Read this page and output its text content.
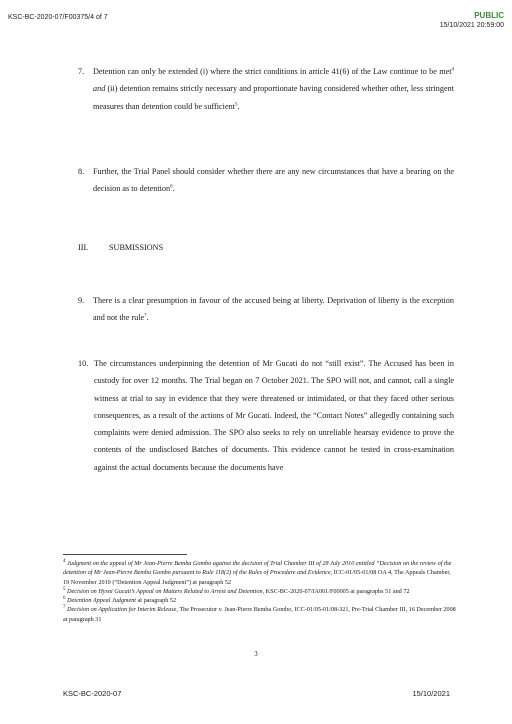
KSC-BC-2020-07/F00375/4 of 7	PUBLIC
15/10/2021 20:59:00
7. Detention can only be extended (i) where the strict conditions in article 41(6) of the Law continue to be met$^4$ and (ii) detention remains strictly necessary and proportionate having considered whether other, less stringent measures than detention could be sufficient$^5$.
8. Further, the Trial Panel should consider whether there are any new circumstances that have a bearing on the decision as to detention$^6$.
III.	SUBMISSIONS
9. There is a clear presumption in favour of the accused being at liberty. Deprivation of liberty is the exception and not the rule$^7$.
10. The circumstances underpinning the detention of Mr Gucati do not “still exist”. The Accused has been in custody for over 12 months. The Trial began on 7 October 2021. The SPO will not, and cannot, call a single witness at trial to say in evidence that they were threatened or intimidated, or that they faced other serious consequences, as a result of the actions of Mr Gucati. Indeed, the “Contact Notes” allegedly containing such complaints were denied admission. The SPO also seeks to rely on unreliable hearsay evidence to prove the contents of the undisclosed Batches of documents. This evidence cannot be tested in cross-examination against the actual documents because the documents have

$^4$ Judgment on the appeal of Mr Jean-Pierre Bemba Gombo against the decision of Trial Chamber III of 28 July 2010 entitled “Decision on the review of the detention of Mr Jean-Pierre Bemba Gombo pursuant to Rule 118(2) of the Rules of Procedure and Evidence, ICC-01/05-01/08 OA 4, The Appeals Chamber, 19 November 2010 (“Detention Appeal Judgment”) at paragraph 52

$^5$ Decision on Hysni Gucati’s Appeal on Matters Related to Arrest and Detention, KSC-BC-2020-07/IA001/F00005 at paragraphs 51 and 72

$^6$ Detention Appeal Judgment at paragraph 52

$^7$ Decision on Application for Interim Release, The Prosecutor v. Jean-Pierre Bemba Gombo, ICC-01/05-01/08-321, Pre-Trial Chamber III, 16 December 2008 at paragraph 31

3
KSC-BC-2020-07	15/10/2021
